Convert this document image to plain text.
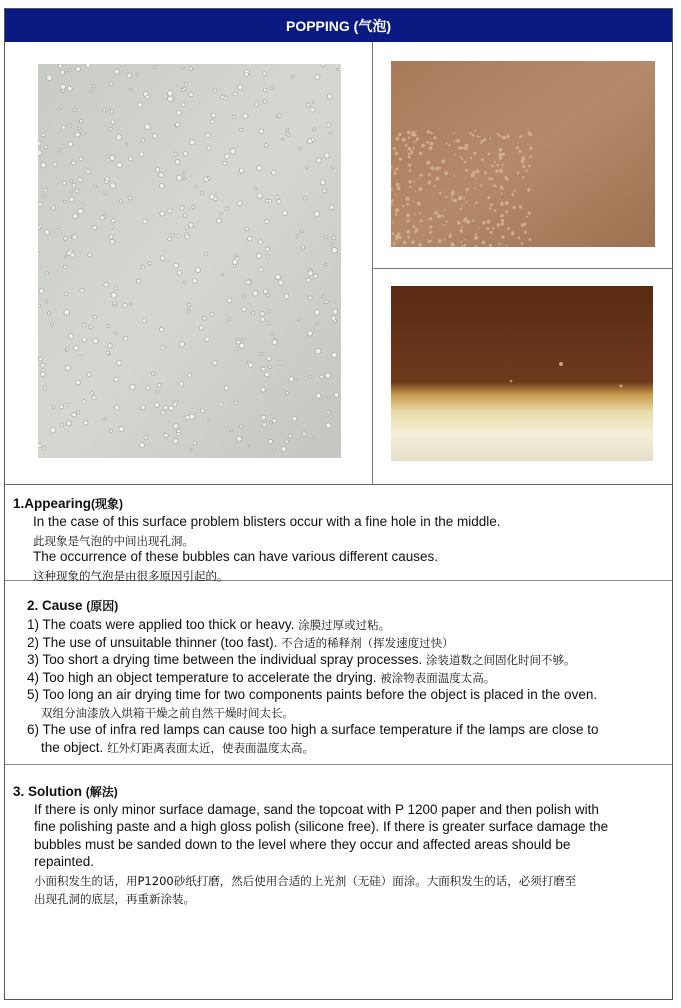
POPPING (气泡)
1.Appearing(现象)
In the case of this surface problem blisters occur with a fine hole in the middle.
此现象是气泡的中间出现孔洞。
The occurrence of these bubbles can have various different causes.
这种现象的气泡是由很多原因引起的。
2. Cause (原因)
1) The coats were applied too thick or heavy. 涂膜过厚或过粘。
2) The use of unsuitable thinner (too fast). 不合适的稀释剂（挥发速度过快）
3) Too short a drying time between the individual spray processes. 涂装道数之间固化时间不够。
4) Too high an object temperature to accelerate the drying. 被涂物表面温度太高。
5) Too long an air drying time for two components paints before the object is placed in the oven.
双组分油漆放入烘箱干燥之前自然干燥时间太长。
6) The use of infra red lamps can cause too high a surface temperature if the lamps are close to
the object. 红外灯距离表面太近，使表面温度太高。
3. Solution (解法)
If there is only minor surface damage, sand the topcoat with P 1200 paper and then polish with
fine polishing paste and a high gloss polish (silicone free). If there is greater surface damage the
bubbles must be sanded down to the level where they occur and affected areas should be
repainted.
小面积发生的话，用P1200砂纸打磨，然后使用合适的上光剂（无硅）面涂。大面积发生的话，必须打磨至
出现孔洞的底层，再重新涂装。
